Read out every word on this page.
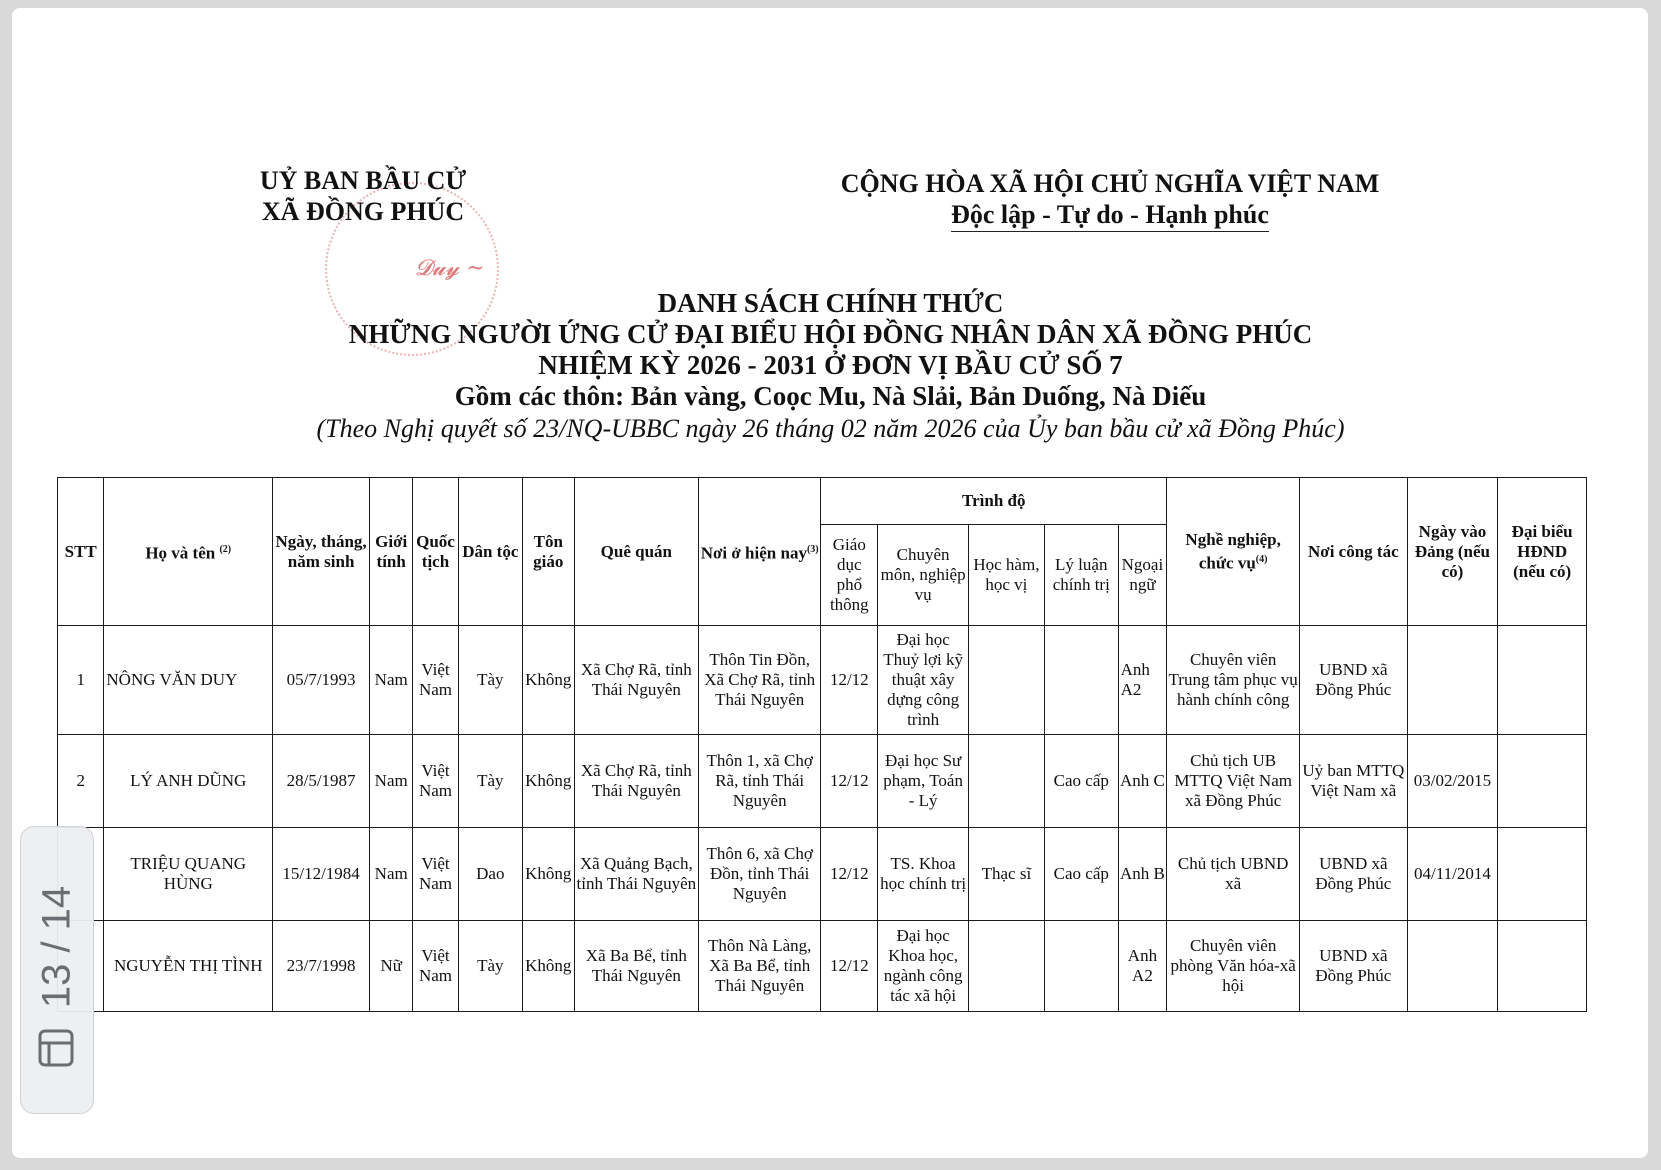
𝓓𝓾𝔂 ~
UỶ BAN BẦU CỬ
XÃ ĐỒNG PHÚC
CỘNG HÒA XÃ HỘI CHỦ NGHĨA VIỆT NAM
Độc lập - Tự do - Hạnh phúc
DANH SÁCH CHÍNH THỨC
NHỮNG NGƯỜI ỨNG CỬ ĐẠI BIỂU HỘI ĐỒNG NHÂN DÂN XÃ ĐỒNG PHÚC
NHIỆM KỲ 2026 - 2031 Ở ĐƠN VỊ BẦU CỬ SỐ 7
Gồm các thôn: Bản vàng, Coọc Mu, Nà Slải, Bản Duống, Nà Diếu
(Theo Nghị quyết số 23/NQ-UBBC ngày 26 tháng 02 năm 2026 của Ủy ban bầu cử xã Đồng Phúc)
STT	Họ và tên $^{(2)}$	Ngày, tháng, năm sinh	Giới tính	Quốc tịch	Dân tộc	Tôn giáo	Quê quán	Nơi ở hiện nay$^{(3)}$	Trình độ					Nghề nghiệp, chức vụ$^{(4)}$	Nơi công tác	Ngày vào Đảng (nếu có)	Đại biểu HĐND (nếu có)
									Giáo dục phổ thông	Chuyên môn, nghiệp vụ	Học hàm, học vị	Lý luận chính trị	Ngoại ngữ				
1	NÔNG VĂN DUY	05/7/1993	Nam	Việt Nam	Tày	Không	Xã Chợ Rã, tỉnh Thái Nguyên	Thôn Tin Đồn, Xã Chợ Rã, tỉnh Thái Nguyên	12/12	Đại học Thuỷ lợi kỹ thuật xây dựng công trình			Anh A2	Chuyên viên Trung tâm phục vụ hành chính công	UBND xã Đồng Phúc		
2	LÝ ANH DŨNG	28/5/1987	Nam	Việt Nam	Tày	Không	Xã Chợ Rã, tỉnh Thái Nguyên	Thôn 1, xã Chợ Rã, tỉnh Thái Nguyên	12/12	Đại học Sư phạm, Toán - Lý		Cao cấp	Anh C	Chủ tịch UB MTTQ Việt Nam xã Đồng Phúc	Uỷ ban MTTQ Việt Nam xã	03/02/2015	
	TRIỆU QUANG HÙNG	15/12/1984	Nam	Việt Nam	Dao	Không	Xã Quảng Bạch, tỉnh Thái Nguyên	Thôn 6, xã Chợ Đồn, tỉnh Thái Nguyên	12/12	TS. Khoa học chính trị	Thạc sĩ	Cao cấp	Anh B	Chủ tịch UBND xã	UBND xã Đồng Phúc	04/11/2014	
	NGUYỄN THỊ TÌNH	23/7/1998	Nữ	Việt Nam	Tày	Không	Xã Ba Bể, tỉnh Thái Nguyên	Thôn Nà Làng, Xã Ba Bể, tỉnh Thái Nguyên	12/12	Đại học Khoa học, ngành công tác xã hội			Anh A2	Chuyên viên phòng Văn hóa-xã hội	UBND xã Đồng Phúc		
13 / 14
